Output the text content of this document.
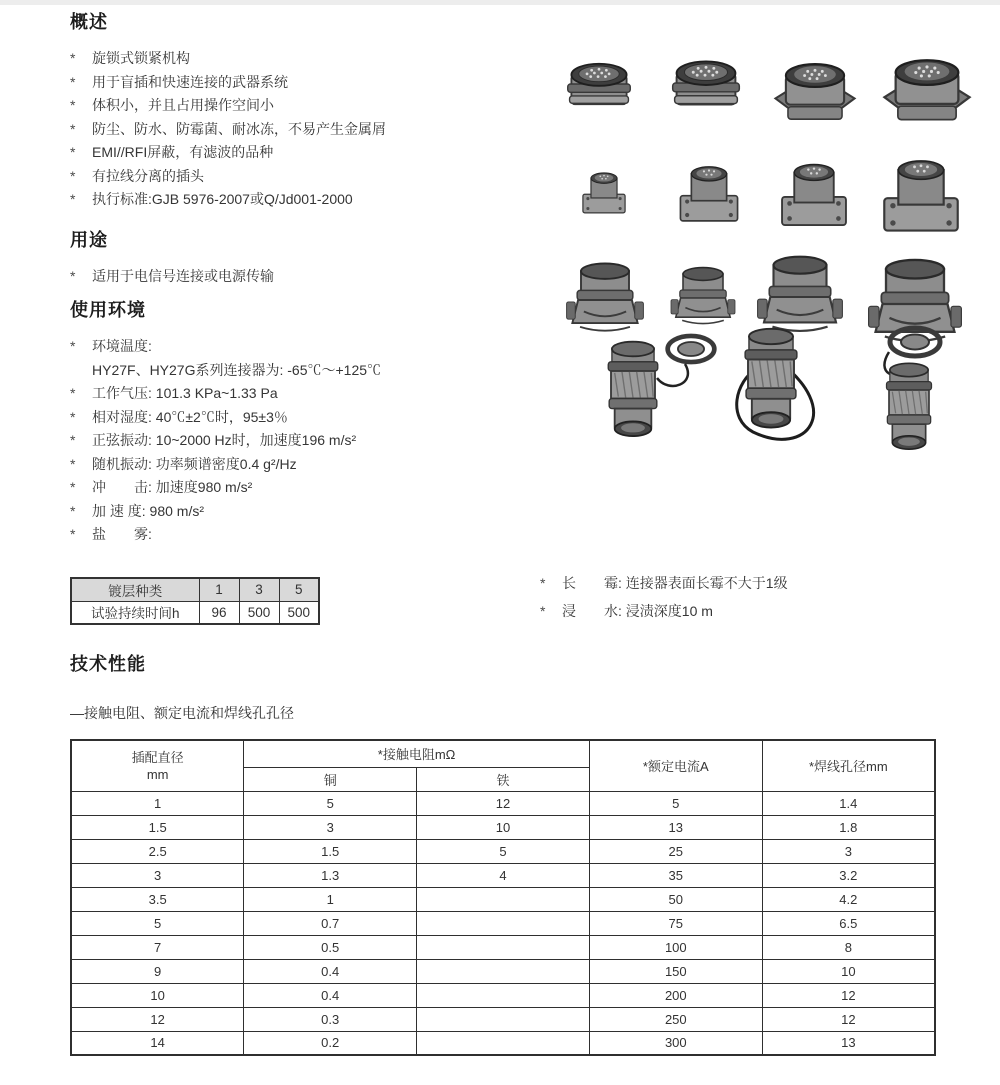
概述
*	旋锁式锁紧机构
*	用于盲插和快速连接的武器系统
*	体积小，并且占用操作空间小
*	防尘、防水、防霉菌、耐冰冻，不易产生金属屑
*	EMI//RFI屏蔽，有滤波的品种
*	有拉线分离的插头
*	执行标准:GJB 5976-2007或Q/Jd001-2000
用途
*	适用于电信号连接或电源传输
使用环境
*	环境温度:
HY27F、HY27G系列连接器为: -65℃～+125℃
*	工作气压: 101.3 KPa~1.33 Pa
*	相对湿度: 40℃±2℃时，95±3％
*	正弦振动: 10~2000 Hz时，加速度196 m/s²
*	随机振动: 功率频谱密度0.4 g²/Hz
*	冲　　击: 加速度980 m/s²
*	加 速 度: 980 m/s²
*	盐　　雾:
镀层种类	1	3	5
试验持续时间h	96	500	500
*	长　　霉: 连接器表面长霉不大于1级
*	浸　　水: 浸渍深度10 m
技术性能
—接触电阻、额定电流和焊线孔孔径
插配直径
mm	*接触电阻mΩ		*额定电流A	*焊线孔径mm
	铜	铁		
1	5	12	5	1.4
1.5	3	10	13	1.8
2.5	1.5	5	25	3
3	1.3	4	35	3.2
3.5	1		50	4.2
5	0.7		75	6.5
7	0.5		100	8
9	0.4		150	10
10	0.4		200	12
12	0.3		250	12
14	0.2		300	13
